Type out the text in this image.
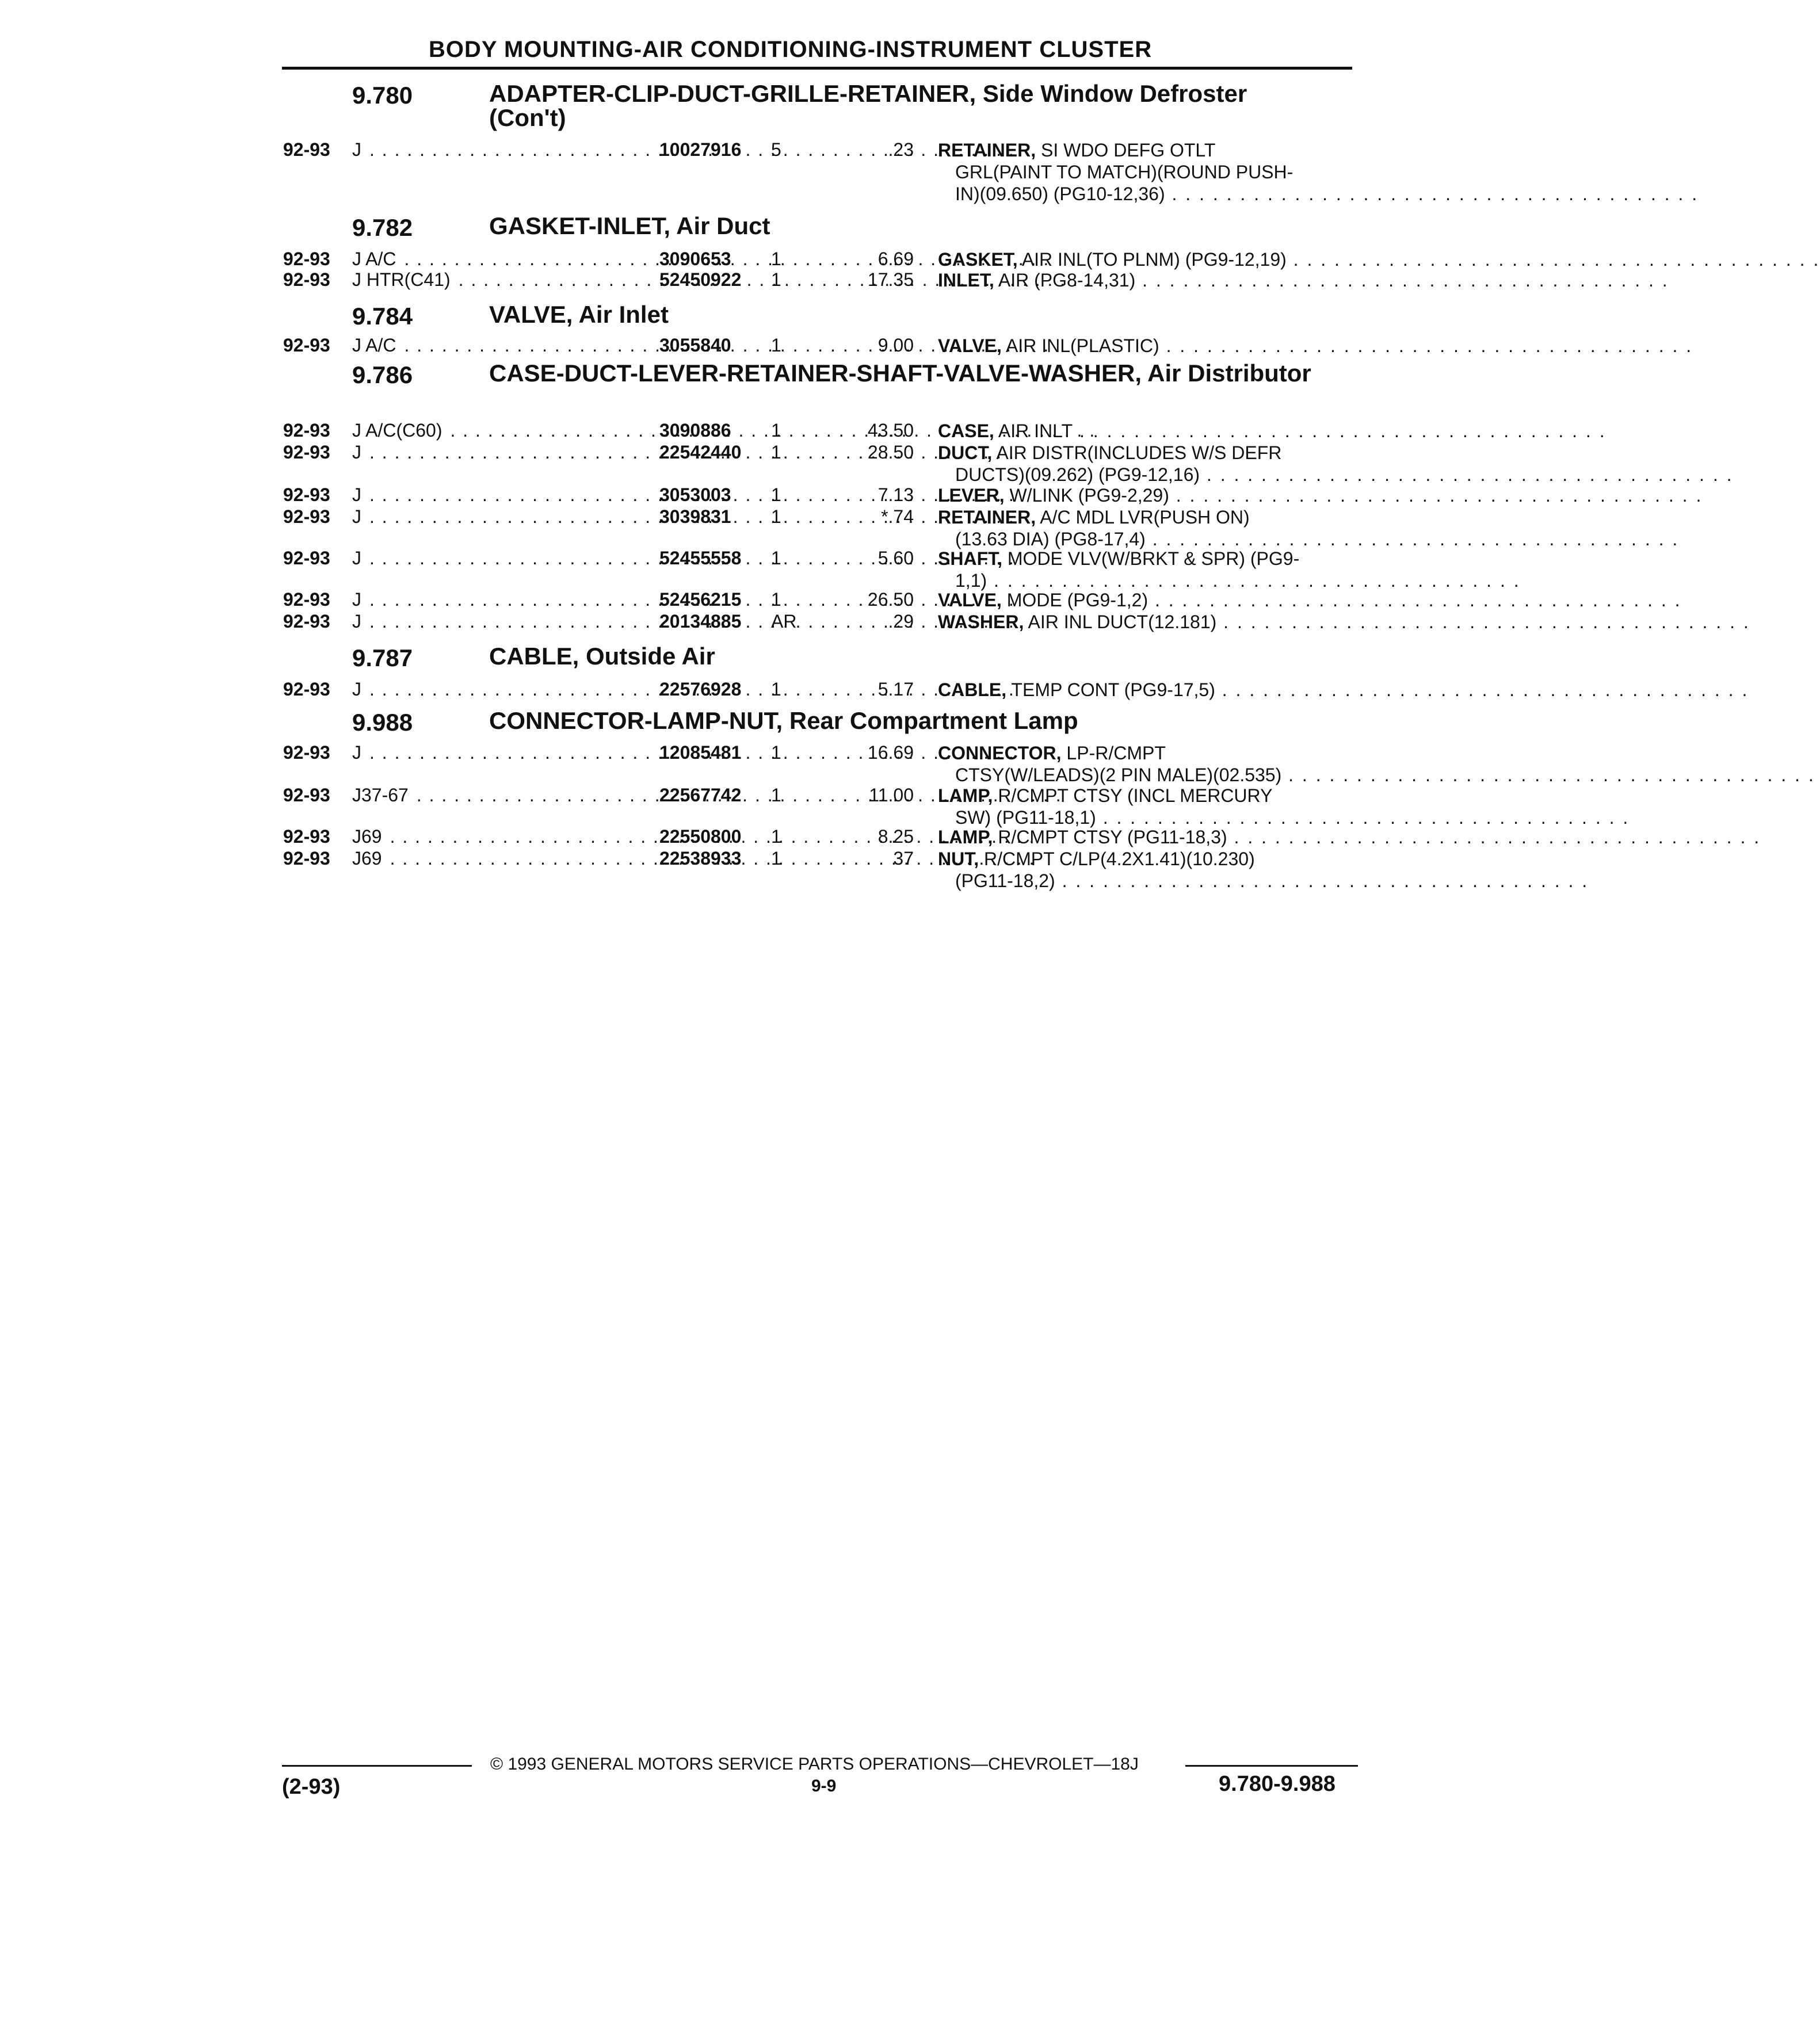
BODY MOUNTING-AIR CONDITIONING-INSTRUMENT CLUSTER
9.780	ADAPTER-CLIP-DUCT-GRILLE-RETAINER, Side Window Defroster (Con't)
92-93 J . . .	10027916 5	.23 RETAINER, SI WDO DEFG OTLT
GRL(PAINT TO MATCH)(ROUND PUSH-
IN)(09.650) (PG10-12,36) . . . . . . . . . . . . . . . . . . . . . . . . . . . . . . . . . . . . . . .
9.782	GASKET-INLET, Air Duct
92-93 J A/C . . .	3090653 1	6.69 GASKET, AIR INL(TO PLNM) (PG9-12,19) . . . . . . . . . . . . . . . . . . . . . . . . . . . . . . . . . . . . . . .
92-93 J HTR(C41) . . .	52450922 1	17.35 INLET, AIR (PG8-14,31) . . . . . . . . . . . . . . . . . . . . . . . . . . . . . . . . . . . . . . .
9.784	VALVE, Air Inlet
92-93 J A/C . . .	3055840 1	9.00 VALVE, AIR INL(PLASTIC) . . . . . . . . . . . . . . . . . . . . . . . . . . . . . . . . . . . . . . .
9.786	CASE-DUCT-LEVER-RETAINER-SHAFT-VALVE-WASHER, Air Distributor
92-93 J A/C(C60) . . .	3090886 1	43.50 CASE, AIR INLT . . . . . . . . . . . . . . . . . . . . . . . . . . . . . . . . . . . . . . .
92-93 J . . .	22542440 1	28.50 DUCT, AIR DISTR(INCLUDES W/S DEFR
DUCTS)(09.262) (PG9-12,16) . . . . . . . . . . . . . . . . . . . . . . . . . . . . . . . . . . . . . . .
92-93 J . . .	3053003 1	7.13 LEVER, W/LINK (PG9-2,29) . . . . . . . . . . . . . . . . . . . . . . . . . . . . . . . . . . . . . . .
92-93 J . . .	3039831 1	*.74 RETAINER, A/C MDL LVR(PUSH ON)
(13.63 DIA) (PG8-17,4) . . . . . . . . . . . . . . . . . . . . . . . . . . . . . . . . . . . . . . .
92-93 J . . .	52455558 1	5.60 SHAFT, MODE VLV(W/BRKT & SPR) (PG9-
1,1) . . . . . . . . . . . . . . . . . . . . . . . . . . . . . . . . . . . . . . .
92-93 J . . .	52456215 1	26.50 VALVE, MODE (PG9-1,2) . . . . . . . . . . . . . . . . . . . . . . . . . . . . . . . . . . . . . . .
92-93 J . . .	20134885 AR	.29 WASHER, AIR INL DUCT(12.181) . . . . . . . . . . . . . . . . . . . . . . . . . . . . . . . . . . . . . . .
9.787	CABLE, Outside Air
92-93 J . . .	22576928 1	5.17 CABLE, TEMP CONT (PG9-17,5) . . . . . . . . . . . . . . . . . . . . . . . . . . . . . . . . . . . . . . .
9.988	CONNECTOR-LAMP-NUT, Rear Compartment Lamp
92-93 J . . .	12085481 1	16.69 CONNECTOR, LP-R/CMPT
CTSY(W/LEADS)(2 PIN MALE)(02.535) . . . . . . . . . . . . . . . . . . . . . . . . . . . . . . . . . . . . . . .
92-93 J37-67 . . .	22567742 1	11.00 LAMP, R/CMPT CTSY (INCL MERCURY
SW) (PG11-18,1) . . . . . . . . . . . . . . . . . . . . . . . . . . . . . . . . . . . . . . .
92-93 J69 . . .	22550800 1	8.25 LAMP, R/CMPT CTSY (PG11-18,3) . . . . . . . . . . . . . . . . . . . . . . . . . . . . . . . . . . . . . . .
92-93 J69 . . .	22538933 1	37 NUT, R/CMPT C/LP(4.2X1.41)(10.230)
(PG11-18,2) . . . . . . . . . . . . . . . . . . . . . . . . . . . . . . . . . . . . . . .
© 1993 GENERAL MOTORS SERVICE PARTS OPERATIONS—CHEVROLET—18J
(2-93)	9-9	9.780-9.988
